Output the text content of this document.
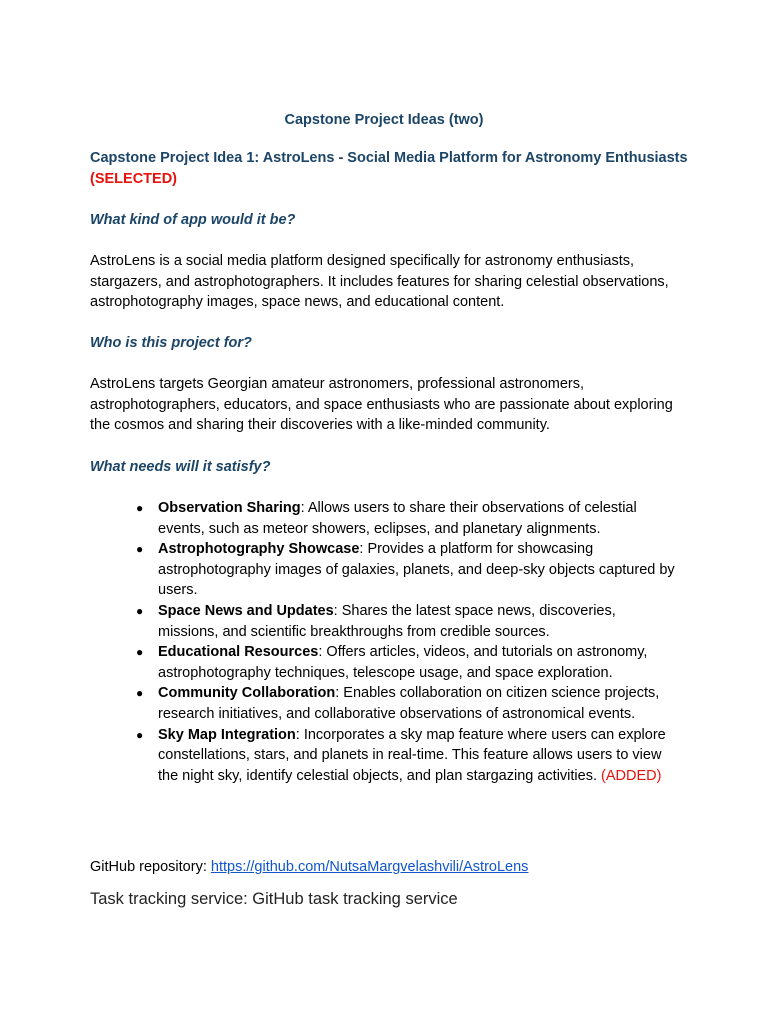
Capstone Project Ideas (two)
Capstone Project Idea 1: AstroLens - Social Media Platform for Astronomy Enthusiasts (SELECTED)
What kind of app would it be?
AstroLens is a social media platform designed specifically for astronomy enthusiasts, stargazers, and astrophotographers. It includes features for sharing celestial observations, astrophotography images, space news, and educational content.
Who is this project for?
AstroLens targets Georgian amateur astronomers, professional astronomers, astrophotographers, educators, and space enthusiasts who are passionate about exploring the cosmos and sharing their discoveries with a like-minded community.
What needs will it satisfy?
● Observation Sharing: Allows users to share their observations of celestial events, such as meteor showers, eclipses, and planetary alignments.
● Astrophotography Showcase: Provides a platform for showcasing astrophotography images of galaxies, planets, and deep-sky objects captured by users.
● Space News and Updates: Shares the latest space news, discoveries, missions, and scientific breakthroughs from credible sources.
● Educational Resources: Offers articles, videos, and tutorials on astronomy, astrophotography techniques, telescope usage, and space exploration.
● Community Collaboration: Enables collaboration on citizen science projects, research initiatives, and collaborative observations of astronomical events.
● Sky Map Integration: Incorporates a sky map feature where users can explore constellations, stars, and planets in real-time. This feature allows users to view the night sky, identify celestial objects, and plan stargazing activities. (ADDED)
GitHub repository: https://github.com/NutsaMargvelashvili/AstroLens
Task tracking service: GitHub task tracking service
